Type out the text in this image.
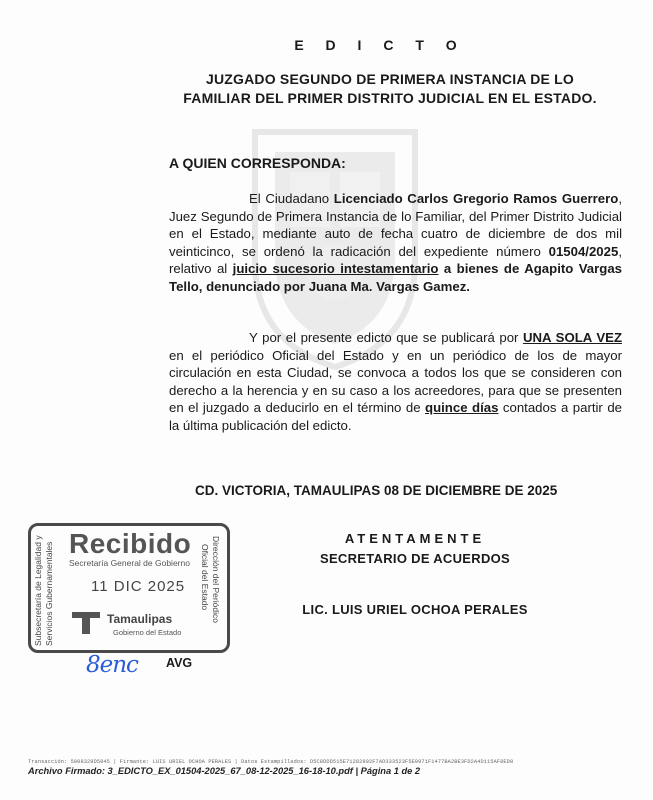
E D I C T O
JUZGADO SEGUNDO DE PRIMERA INSTANCIA DE LO
FAMILIAR DEL PRIMER DISTRITO JUDICIAL EN EL ESTADO.
A QUIEN CORRESPONDA:
El Ciudadano Licenciado Carlos Gregorio Ramos Guerrero, Juez Segundo de Primera Instancia de lo Familiar, del Primer Distrito Judicial en el Estado, mediante auto de fecha cuatro de diciembre de dos mil veinticinco, se ordenó la radicación del expediente número 01504/2025, relativo al juicio sucesorio intestamentario a bienes de Agapito Vargas Tello, denunciado por Juana Ma. Vargas Gamez.
Y por el presente edicto que se publicará por UNA SOLA VEZ en el periódico Oficial del Estado y en un periódico de los de mayor circulación en esta Ciudad, se convoca a todos los que se consideren con derecho a la herencia y en su caso a los acreedores, para que se presenten en el juzgado a deducirlo en el término de quince días contados a partir de la última publicación del edicto.
CD. VICTORIA, TAMAULIPAS 08 DE DICIEMBRE DE 2025
ATENTAMENTE
SECRETARIO DE ACUERDOS
LIC. LUIS URIEL OCHOA PERALES
Subsecretaría de Legalidad y Servicios Gubernamentales Recibido
Secretaría General de Gobierno
11 DIC 2025
Tamaulipas
Gobierno del Estado
Dirección del Periódico
Oficial del Estado
8enc AVG
Transacción: 5008329D5845 | Firmante: LUIS URIEL OCHOA PERALES | Datos Estampillados: D5C8DDD515E71282992F7AD333523F5E0971F1477BA2BE3FD2A4D115AF8ED8
Archivo Firmado: 3_EDICTO_EX_01504-2025_67_08-12-2025_16-18-10.pdf | Página 1 de 2
